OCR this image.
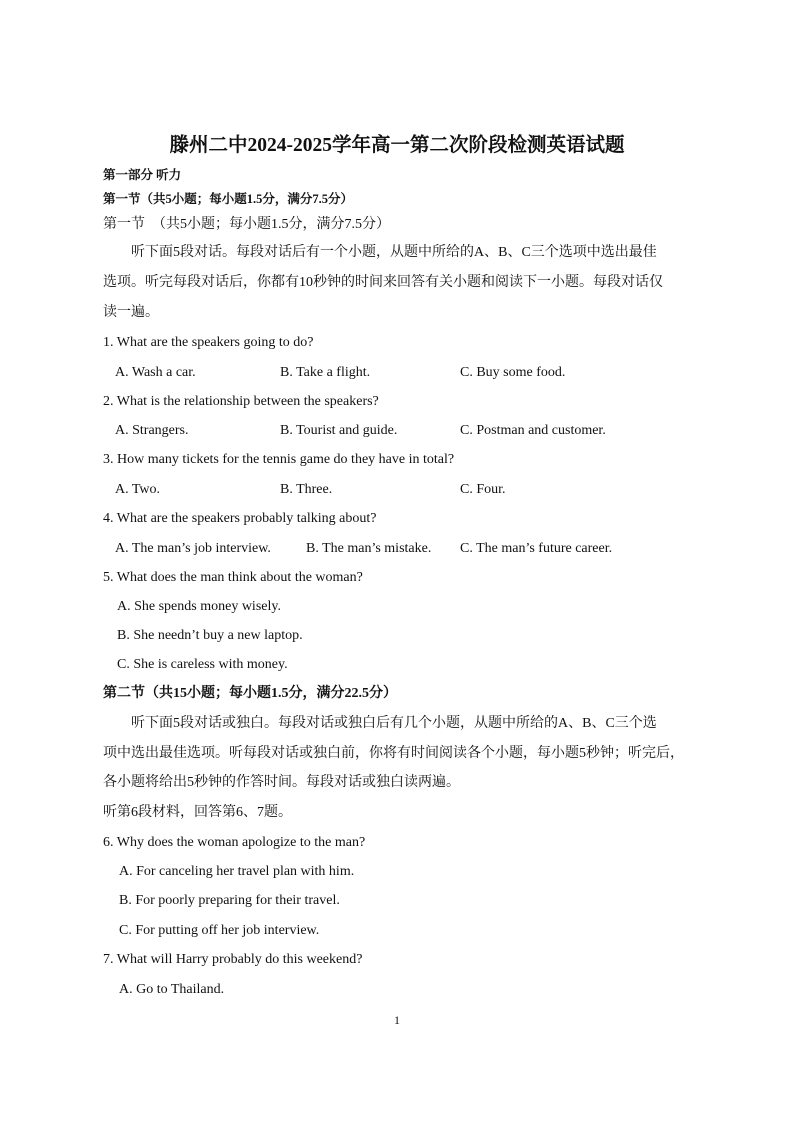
滕州二中2024-2025学年高一第二次阶段检测英语试题
第一部分 听力
第一节（共5小题；每小题1.5分，满分7.5分）
第一节　（共5小题；每小题1.5分，满分7.5分）
听下面5段对话。每段对话后有一个小题，从题中所给的A、B、C三个选项中选出最佳
选项。听完每段对话后，你都有10秒钟的时间来回答有关小题和阅读下一小题。每段对话仅
读一遍。
1. What are the speakers going to do?
A. Wash a car.	B. Take a flight.	C. Buy some food.
2. What is the relationship between the speakers?
A. Strangers.	B. Tourist and guide.	C. Postman and customer.
3. How many tickets for the tennis game do they have in total?
A. Two.	B. Three.	C. Four.
4. What are the speakers probably talking about?
A. The man’s job interview.	B. The man’s mistake. C. The man’s future career.
5. What does the man think about the woman?
A. She spends money wisely.
B. She needn’t buy a new laptop.
C. She is careless with money.
第二节（共15小题；每小题1.5分，满分22.5分）
听下面5段对话或独白。每段对话或独白后有几个小题，从题中所给的A、B、C三个选
项中选出最佳选项。听每段对话或独白前，你将有时间阅读各个小题，每小题5秒钟；听完后，
各小题将给出5秒钟的作答时间。每段对话或独白读两遍。
听第6段材料，回答第6、7题。
6. Why does the woman apologize to the man?
A. For canceling her travel plan with him.
B. For poorly preparing for their travel.
C. For putting off her job interview.
7. What will Harry probably do this weekend?
A. Go to Thailand.
1
